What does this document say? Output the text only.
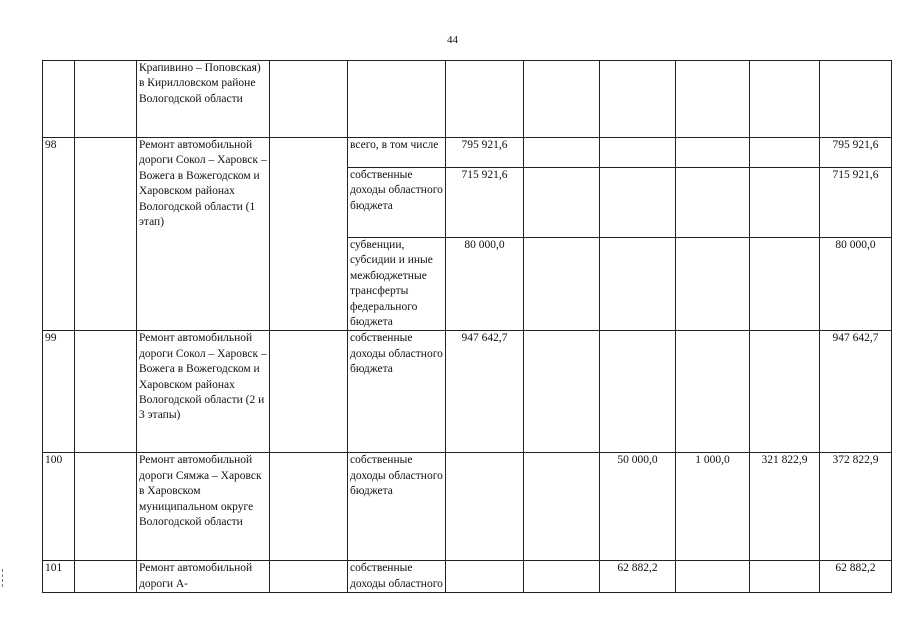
44
		Крапивино – Поповская) в Кирилловском районе Вологодской области								
98		Ремонт автомобильной дороги Сокол – Харовск – Вожега в Вожегодском и Харовском районах Вологодской области (1 этап)		всего, в том числе	795 921,6					795 921,6
				собственные доходы областного бюджета	715 921,6					715 921,6
				субвенции, субсидии и иные межбюджетные трансферты федерального бюджета	80 000,0					80 000,0
99		Ремонт автомобильной дороги Сокол – Харовск – Вожега в Вожегодском и Харовском районах Вологодской области (2 и 3 этапы)		собственные доходы областного бюджета	947 642,7					947 642,7
100		Ремонт автомобильной дороги Сямжа – Харовск в Харовском муниципальном округе Вологодской области		собственные доходы областного бюджета			50 000,0	1 000,0	321 822,9	372 822,9
101		Ремонт автомобильной дороги А-		собственные доходы областного			62 882,2			62 882,2
